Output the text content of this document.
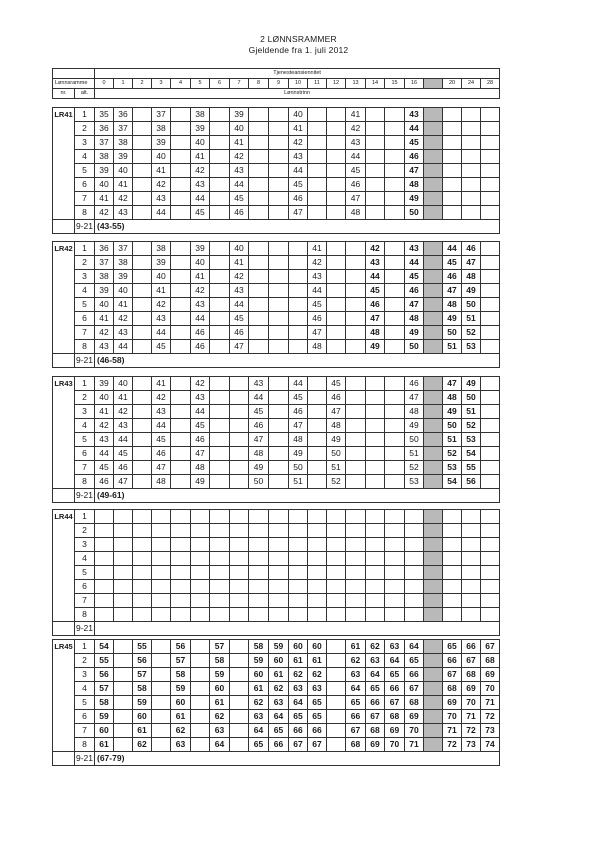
2 LØNNSRAMMER
Gjeldende fra 1. juli 2012
		Tjenesteansiennitet																				
Lønnsramme		0	1	2	3	4	5	6	7	8	9	10	11	12	13	14	15	16		20	24	28
nr.	alt.	Lønnstrinn																				
LR41	1	35	36		37		38		39			40			41			43				
	2	36	37		38		39		40			41			42			44				
	3	37	38		39		40		41			42			43			45				
	4	38	39		40		41		42			43			44			46				
	5	39	40		41		42		43			44			45			47				
	6	40	41		42		43		44			45			46			48				
	7	41	42		43		44		45			46			47			49				
	8	42	43		44		45		46			47			48			50				
	9-21	(43-55)																				
LR42	1	36	37		38		39		40				41			42		43		44	46	
	2	37	38		39		40		41				42			43		44		45	47	
	3	38	39		40		41		42				43			44		45		46	48	
	4	39	40		41		42		43				44			45		46		47	49	
	5	40	41		42		43		44				45			46		47		48	50	
	6	41	42		43		44		45				46			47		48		49	51	
	7	42	43		44		46		46				47			48		49		50	52	
	8	43	44		45		46		47				48			49		50		51	53	
	9-21	(46-58)																				
LR43	1	39	40		41		42			43		44		45				46		47	49	
	2	40	41		42		43			44		45		46				47		48	50	
	3	41	42		43		44			45		46		47				48		49	51	
	4	42	43		44		45			46		47		48				49		50	52	
	5	43	44		45		46			47		48		49				50		51	53	
	6	44	45		46		47			48		49		50				51		52	54	
	7	45	46		47		48			49		50		51				52		53	55	
	8	46	47		48		49			50		51		52				53		54	56	
	9-21	(49-61)																				
LR44	1																					
	2																					
	3																					
	4																					
	5																					
	6																					
	7																					
	8																					
	9-21																					
LR45	1	54		55		56		57		58	59	60	60		61	62	63	64		65	66	67
	2	55		56		57		58		59	60	61	61		62	63	64	65		66	67	68
	3	56		57		58		59		60	61	62	62		63	64	65	66		67	68	69
	4	57		58		59		60		61	62	63	63		64	65	66	67		68	69	70
	5	58		59		60		61		62	63	64	65		65	66	67	68		69	70	71
	6	59		60		61		62		63	64	65	65		66	67	68	69		70	71	72
	7	60		61		62		63		64	65	66	66		67	68	69	70		71	72	73
	8	61		62		63		64		65	66	67	67		68	69	70	71		72	73	74
	9-21	(67-79)																				
